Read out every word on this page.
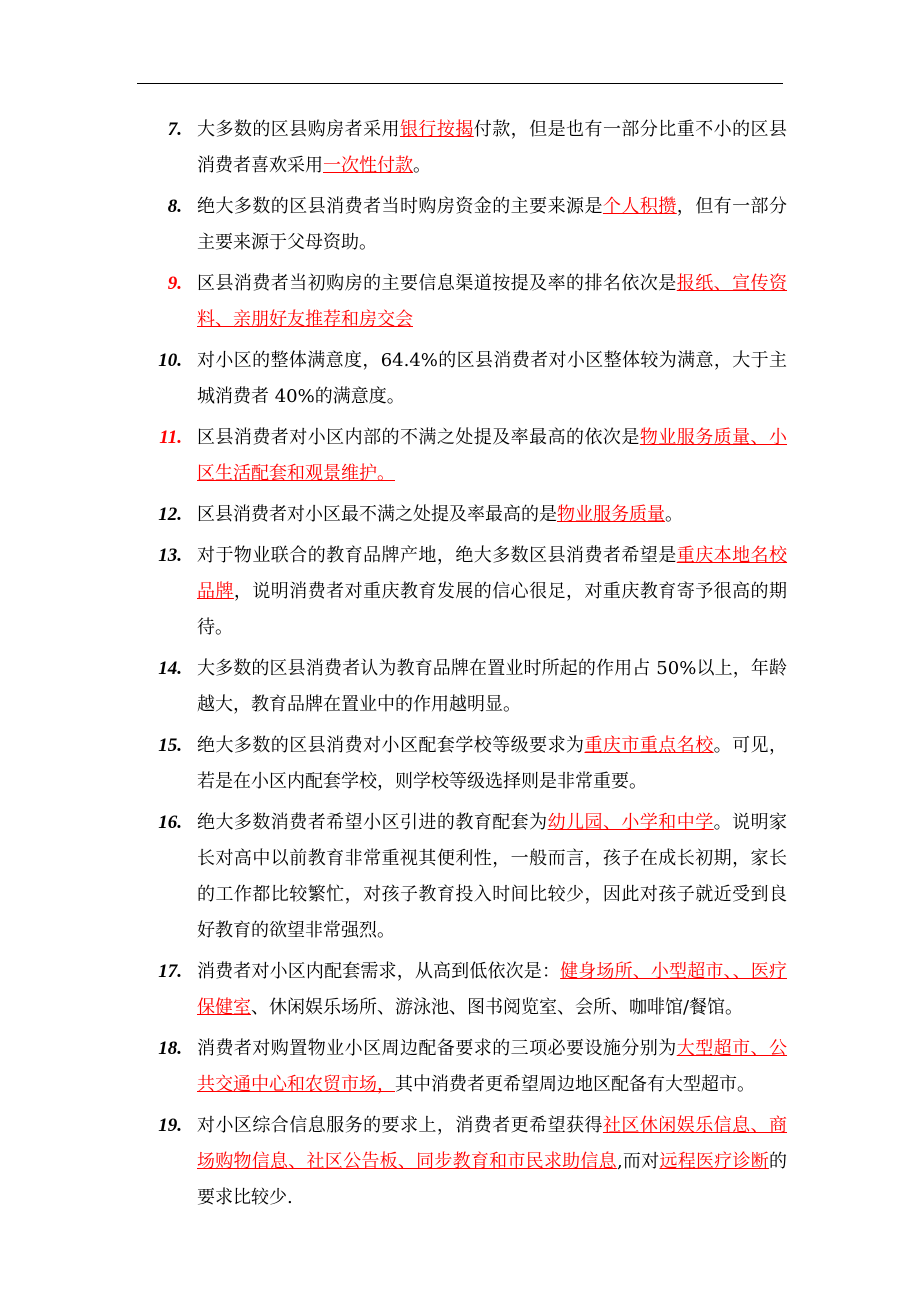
7. 大多数的区县购房者采用银行按揭付款，但是也有一部分比重不小的区县消费者喜欢采用一次性付款。
8. 绝大多数的区县消费者当时购房资金的主要来源是个人积攒，但有一部分主要来源于父母资助。
9. 区县消费者当初购房的主要信息渠道按提及率的排名依次是报纸、宣传资料、亲朋好友推荐和房交会
10. 对小区的整体满意度，64.4%的区县消费者对小区整体较为满意，大于主城消费者 40%的满意度。
11. 区县消费者对小区内部的不满之处提及率最高的依次是物业服务质量、小区生活配套和观景维护。
12. 区县消费者对小区最不满之处提及率最高的是物业服务质量。
13. 对于物业联合的教育品牌产地，绝大多数区县消费者希望是重庆本地名校品牌，说明消费者对重庆教育发展的信心很足，对重庆教育寄予很高的期待。
14. 大多数的区县消费者认为教育品牌在置业时所起的作用占 50%以上，年龄越大，教育品牌在置业中的作用越明显。
15. 绝大多数的区县消费对小区配套学校等级要求为重庆市重点名校。可见，若是在小区内配套学校，则学校等级选择则是非常重要。
16. 绝大多数消费者希望小区引进的教育配套为幼儿园、小学和中学。说明家长对高中以前教育非常重视其便利性，一般而言，孩子在成长初期，家长的工作都比较繁忙，对孩子教育投入时间比较少，因此对孩子就近受到良好教育的欲望非常强烈。
17. 消费者对小区内配套需求，从高到低依次是：健身场所、小型超市、、医疗保健室、休闲娱乐场所、游泳池、图书阅览室、会所、咖啡馆/餐馆。
18. 消费者对购置物业小区周边配备要求的三项必要设施分别为大型超市、公共交通中心和农贸市场，其中消费者更希望周边地区配备有大型超市。
19. 对小区综合信息服务的要求上，消费者更希望获得社区休闲娱乐信息、商场购物信息、社区公告板、同步教育和市民求助信息,而对远程医疗诊断的要求比较少.
